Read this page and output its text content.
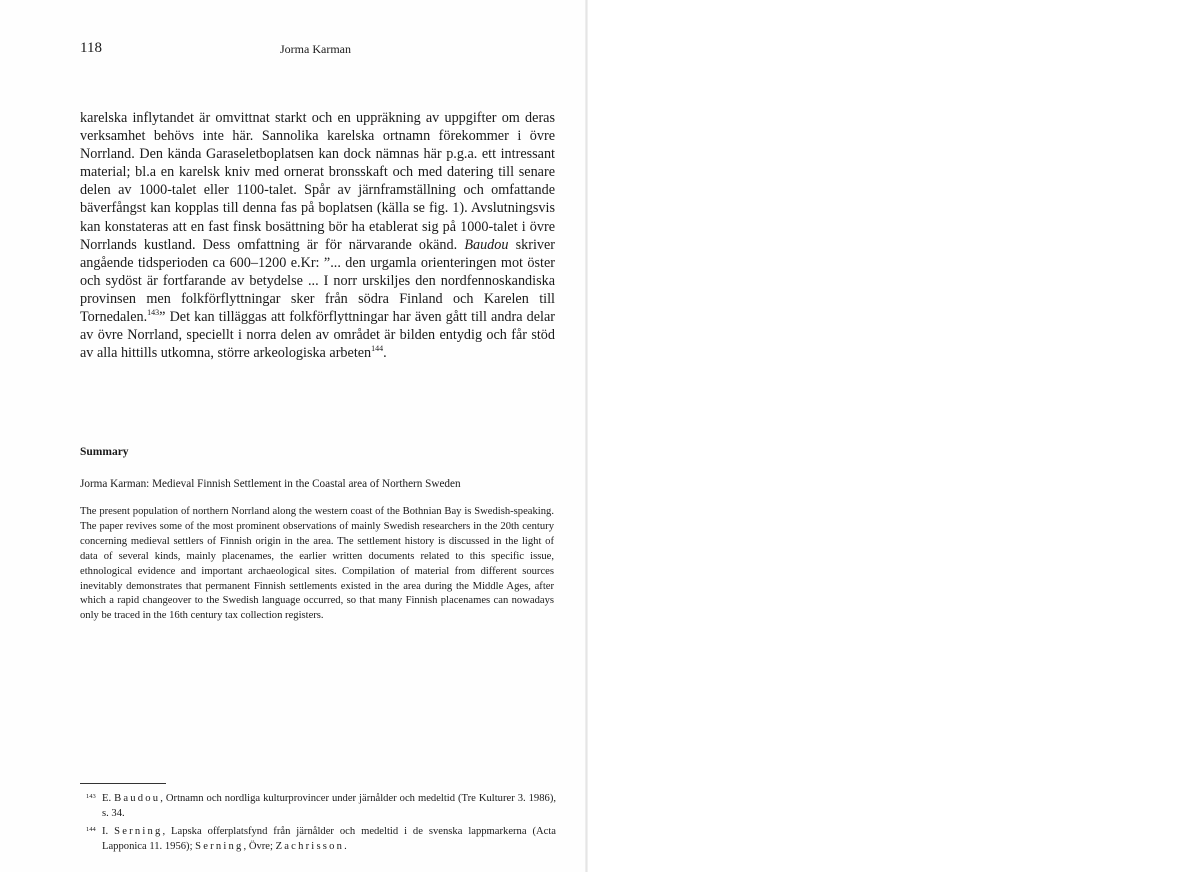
118	Jorma Karman

karelska inflytandet är omvittnat starkt och en uppräkning av uppgifter om deras verksamhet behövs inte här. Sannolika karelska ortnamn förekommer i övre Norrland. Den kända Garaseletboplatsen kan dock nämnas här p.g.a. ett intressant material; bl.a en karelsk kniv med ornerat bronsskaft och med datering till senare delen av 1000-talet eller 1100-talet. Spår av järnframställning och omfattande bäverfångst kan kopplas till denna fas på boplatsen (källa se fig. 1). Avslutningsvis kan konstateras att en fast finsk bosättning bör ha etablerat sig på 1000-talet i övre Norrlands kustland. Dess omfattning är för närvarande okänd. Baudou skriver angående tidsperioden ca 600–1200 e.Kr: ”... den urgamla orienteringen mot öster och sydöst är fortfarande av betydelse ... I norr urskiljes den nordfennoskandiska provinsen men folkförflyttningar sker från södra Finland och Karelen till Tornedalen.$^{143}$” Det kan tilläggas att folkförflyttningar har även gått till andra delar av övre Norrland, speciellt i norra delen av området är bilden entydig och får stöd av alla hittills utkomna, större arkeologiska arbeten$^{144}$.

Summary

Jorma Karman: Medieval Finnish Settlement in the Coastal area of Northern Sweden

The present population of northern Norrland along the western coast of the Bothnian Bay is Swedish-speaking. The paper revives some of the most prominent observations of mainly Swedish researchers in the 20th century concerning medieval settlers of Finnish origin in the area. The settlement history is discussed in the light of data of several kinds, mainly placenames, the earlier written documents related to this specific issue, ethnological evidence and important archaeological sites. Compilation of material from different sources inevitably demonstrates that permanent Finnish settlements existed in the area during the Middle Ages, after which a rapid changeover to the Swedish language occurred, so that many Finnish placenames can nowadays only be traced in the 16th century tax collection registers.

143 E. Baudou, Ortnamn och nordliga kulturprovincer under järnålder och medeltid (Tre Kulturer 3. 1986), s. 34.

144 I. Serning, Lapska offerplatsfynd från järnålder och medeltid i de svenska lappmarkerna (Acta Lapponica 11. 1956); Serning, Övre; Zachrisson.
